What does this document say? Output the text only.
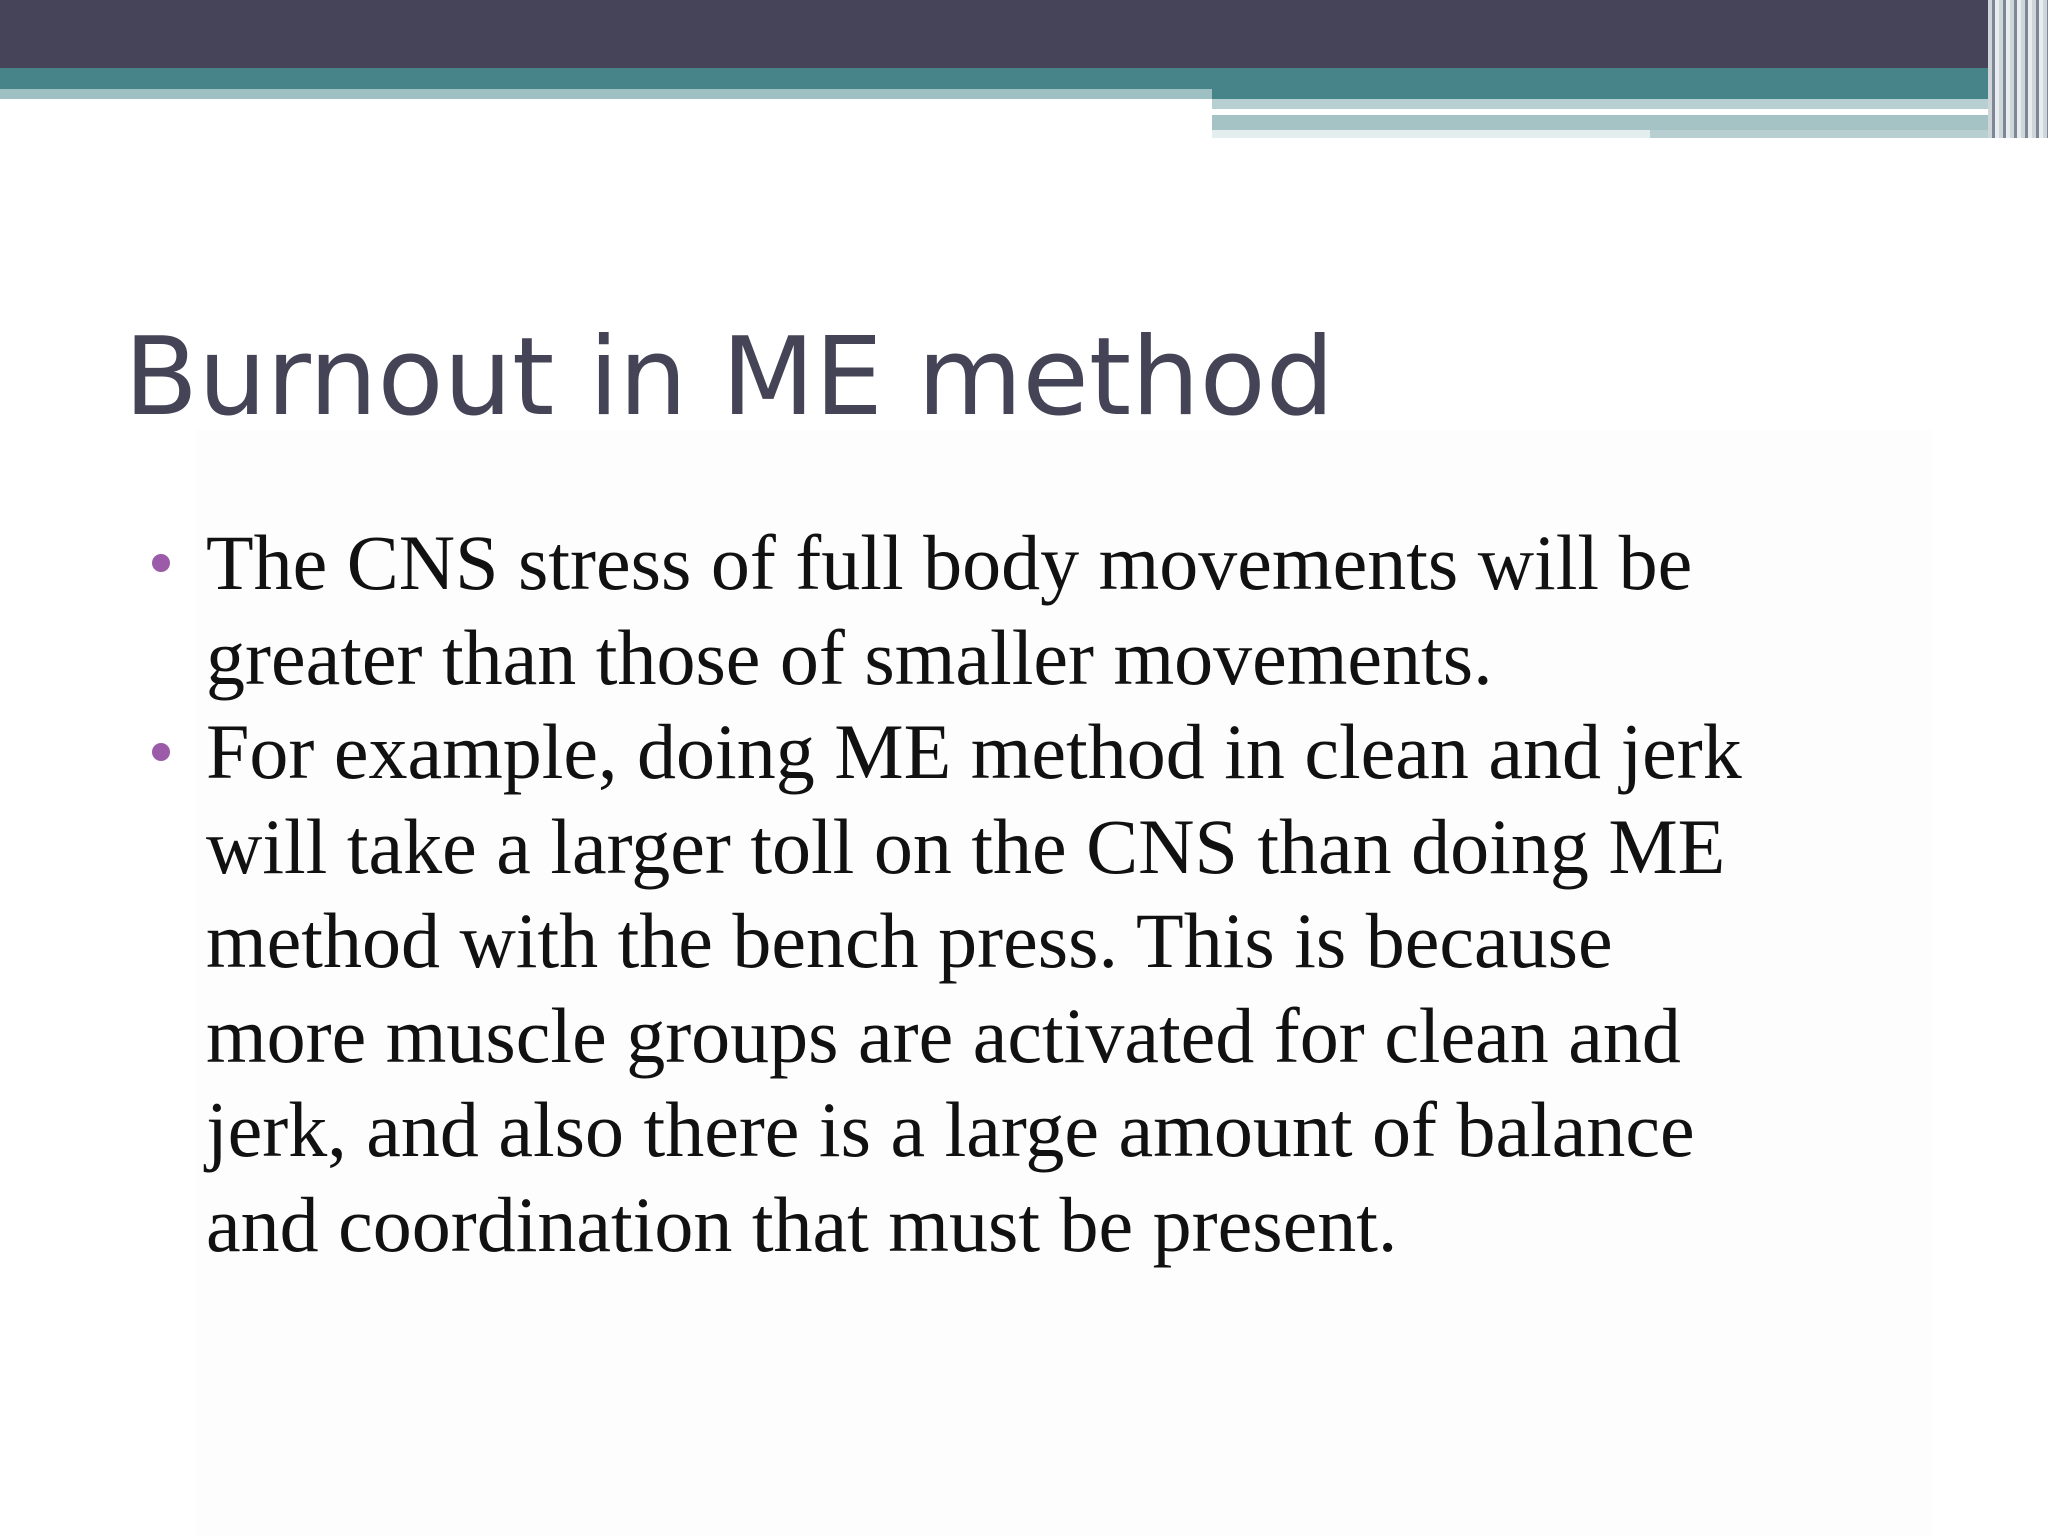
Burnout in ME method
The CNS stress of full body movements will be
greater than those of smaller movements.
For example, doing ME method in clean and jerk
will take a larger toll on the CNS than doing ME
method with the bench press. This is because
more muscle groups are activated for clean and
jerk, and also there is a large amount of balance
and coordination that must be present.
